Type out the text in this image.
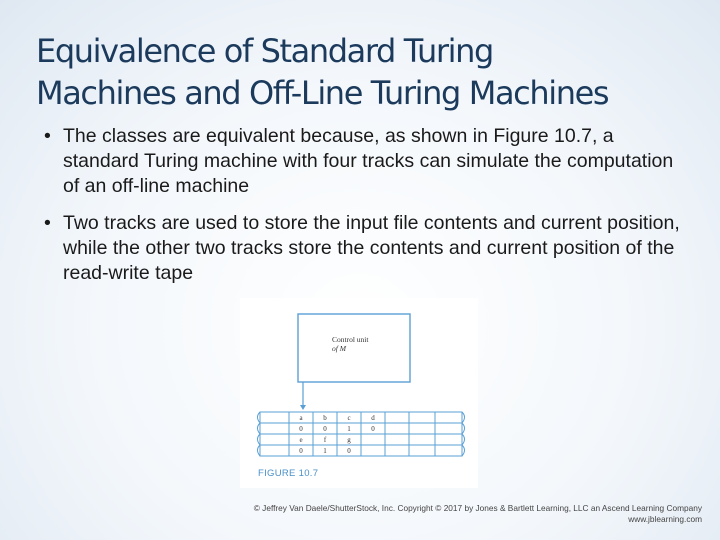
Equivalence of Standard Turing
Machines and Off-Line Turing Machines
• The classes are equivalent because, as shown in Figure 10.7, a standard Turing machine with four tracks can simulate the computation of an off-line machine
• Two tracks are used to store the input file contents and current position, while the other two tracks store the contents and current position of the read-write tape
Control unit
of M
a	b	c	d
0	0	1	0
e	f	g
0	1	0
FIGURE 10.7
© Jeffrey Van Daele/ShutterStock, Inc. Copyright © 2017 by Jones & Bartlett Learning, LLC an Ascend Learning Company
www.jblearning.com
